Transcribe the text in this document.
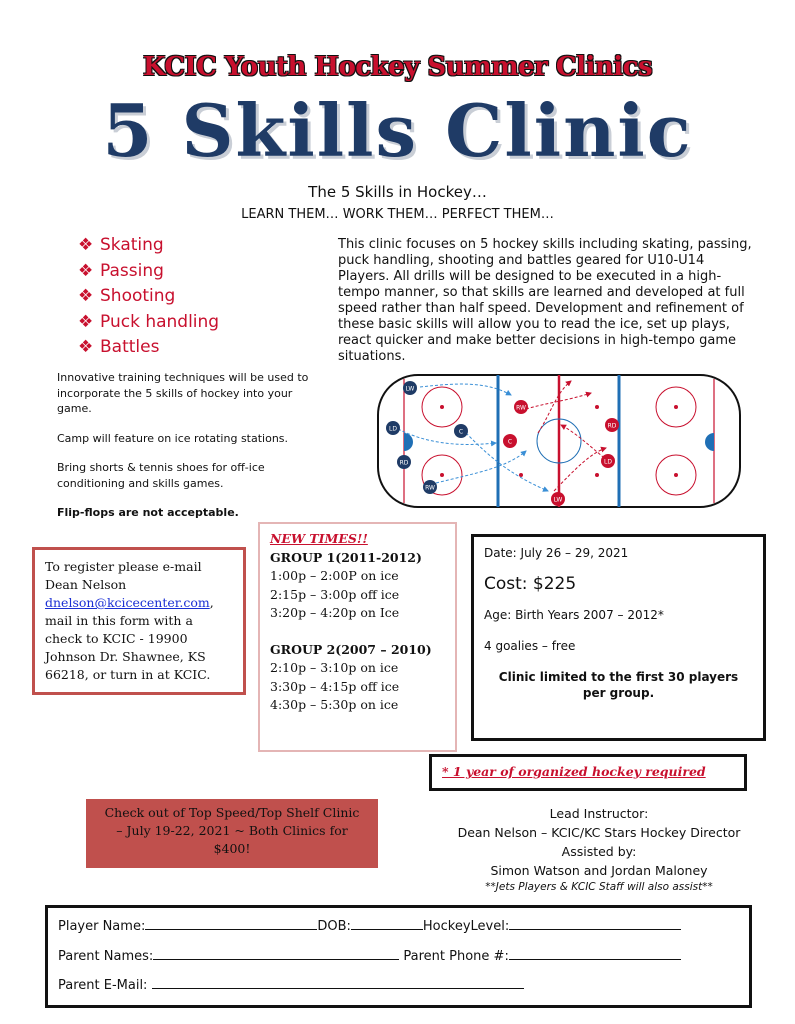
KCIC Youth Hockey Summer Clinics
5 Skills Clinic
The 5 Skills in Hockey…
LEARN THEM… WORK THEM… PERFECT THEM…
❖ Skating
❖ Passing
❖ Shooting
❖ Puck handling
❖ Battles
This clinic focuses on 5 hockey skills including skating, passing, puck handling, shooting and battles geared for U10-U14 Players. All drills will be designed to be executed in a high-tempo manner, so that skills are learned and developed at full speed rather than half speed. Development and refinement of these basic skills will allow you to read the ice, set up plays, react quicker and make better decisions in high-tempo game situations.

Innovative training techniques will be used to incorporate the 5 skills of hockey into your game.

Camp will feature on ice rotating stations.

Bring shorts & tennis shoes for off-ice conditioning and skills games.

Flip-flops are not acceptable.

LW
LD	C
RD
RW
RW
RD
LD
C
LW
To register please e-mail
Dean Nelson
dnelson@kcicecenter.com,
mail in this form with a
check to KCIC - 19900
Johnson Dr. Shawnee, KS
66218, or turn in at KCIC.
NEW TIMES!!
GROUP 1(2011-2012)
1:00p – 2:00P on ice
2:15p – 3:00p off ice
3:20p – 4:20p on Ice
GROUP 2(2007 – 2010)
2:10p – 3:10p on ice
3:30p – 4:15p off ice
4:30p – 5:30p on ice
Date: July 26 – 29, 2021
Cost: $225
Age: Birth Years 2007 – 2012*
4 goalies – free
Clinic limited to the first 30 players
per group.
* 1 year of organized hockey required
Check out of Top Speed/Top Shelf Clinic
– July 19-22, 2021 ~ Both Clinics for
$400!
Lead Instructor:
Dean Nelson – KCIC/KC Stars Hockey Director
Assisted by:
Simon Watson and Jordan Maloney
**Jets Players & KCIC Staff will also assist**
Player Name:	DOB:	HockeyLevel:
Parent Names:	Parent Phone #:
Parent E-Mail:
